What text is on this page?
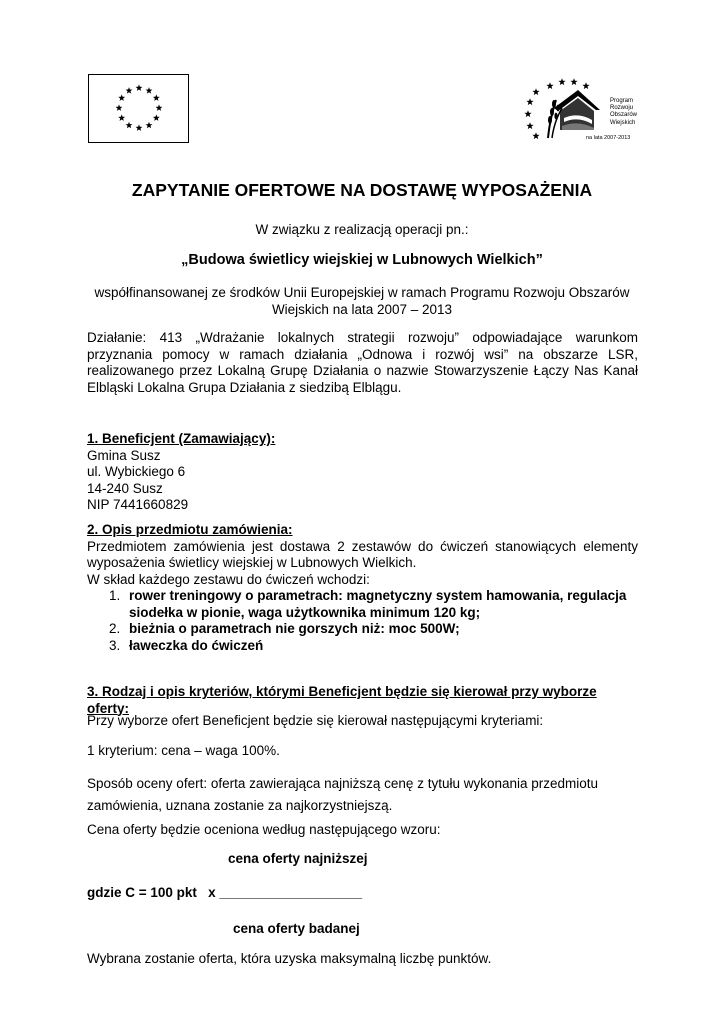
Program
Rozwoju
Obszarów
Wiejskich
na lata 2007-2013
ZAPYTANIE OFERTOWE NA DOSTAWĘ WYPOSAŻENIA
W związku z realizacją operacji pn.:
„Budowa świetlicy wiejskiej w Lubnowych Wielkich”
współfinansowanej ze środków Unii Europejskiej w ramach Programu Rozwoju Obszarów
Wiejskich na lata 2007 – 2013
Działanie: 413 „Wdrażanie lokalnych strategii rozwoju” odpowiadające warunkom przyznania pomocy w ramach działania „Odnowa i rozwój wsi” na obszarze LSR, realizowanego przez Lokalną Grupę Działania o nazwie Stowarzyszenie Łączy Nas Kanał Elbląski Lokalna Grupa Działania z siedzibą Elblągu.
1. Beneficjent (Zamawiający):
Gmina Susz
ul. Wybickiego 6
14-240 Susz
NIP 7441660829
2. Opis przedmiotu zamówienia:
Przedmiotem zamówienia jest dostawa 2 zestawów do ćwiczeń stanowiących elementy wyposażenia świetlicy wiejskiej w Lubnowych Wielkich.
W skład każdego zestawu do ćwiczeń wchodzi:
1. rower treningowy o parametrach: magnetyczny system hamowania, regulacja siodełka w pionie, waga użytkownika minimum 120 kg;
2. bieżnia o parametrach nie gorszych niż: moc 500W;
3. ławeczka do ćwiczeń
3. Rodzaj i opis kryteriów, którymi Beneficjent będzie się kierował przy wyborze oferty:
Przy wyborze ofert Beneficjent będzie się kierował następującymi kryteriami:
1 kryterium: cena – waga 100%.
Sposób oceny ofert: oferta zawierająca najniższą cenę z tytułu wykonania przedmiotu
zamówienia, uznana zostanie za najkorzystniejszą.
Cena oferty będzie oceniona według następującego wzoru:
cena oferty najniższej
gdzie C = 100 pkt   x ___________________
cena oferty badanej
Wybrana zostanie oferta, która uzyska maksymalną liczbę punktów.
